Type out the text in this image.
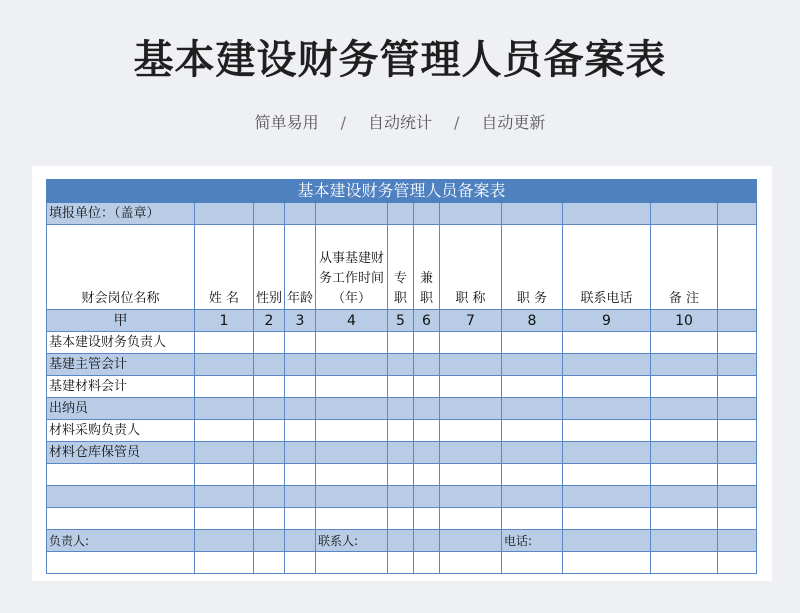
基本建设财务管理人员备案表
简单易用 / 自动统计 / 自动更新
基本建设财务管理人员备案表											
填报单位：（盖章）											
财会岗位名称	姓 名	性别	年龄	从事基建财务工作时间（年）	专职	兼职	职 称	职 务	联系电话	备 注	
甲	1	2	3	4	5	6	7	8	9	10	
基本建设财务负责人											
基建主管会计											
基建材料会计											
出纳员											
材料采购负责人											
材料仓库保管员											

负责人:				联系人:				电话:			
